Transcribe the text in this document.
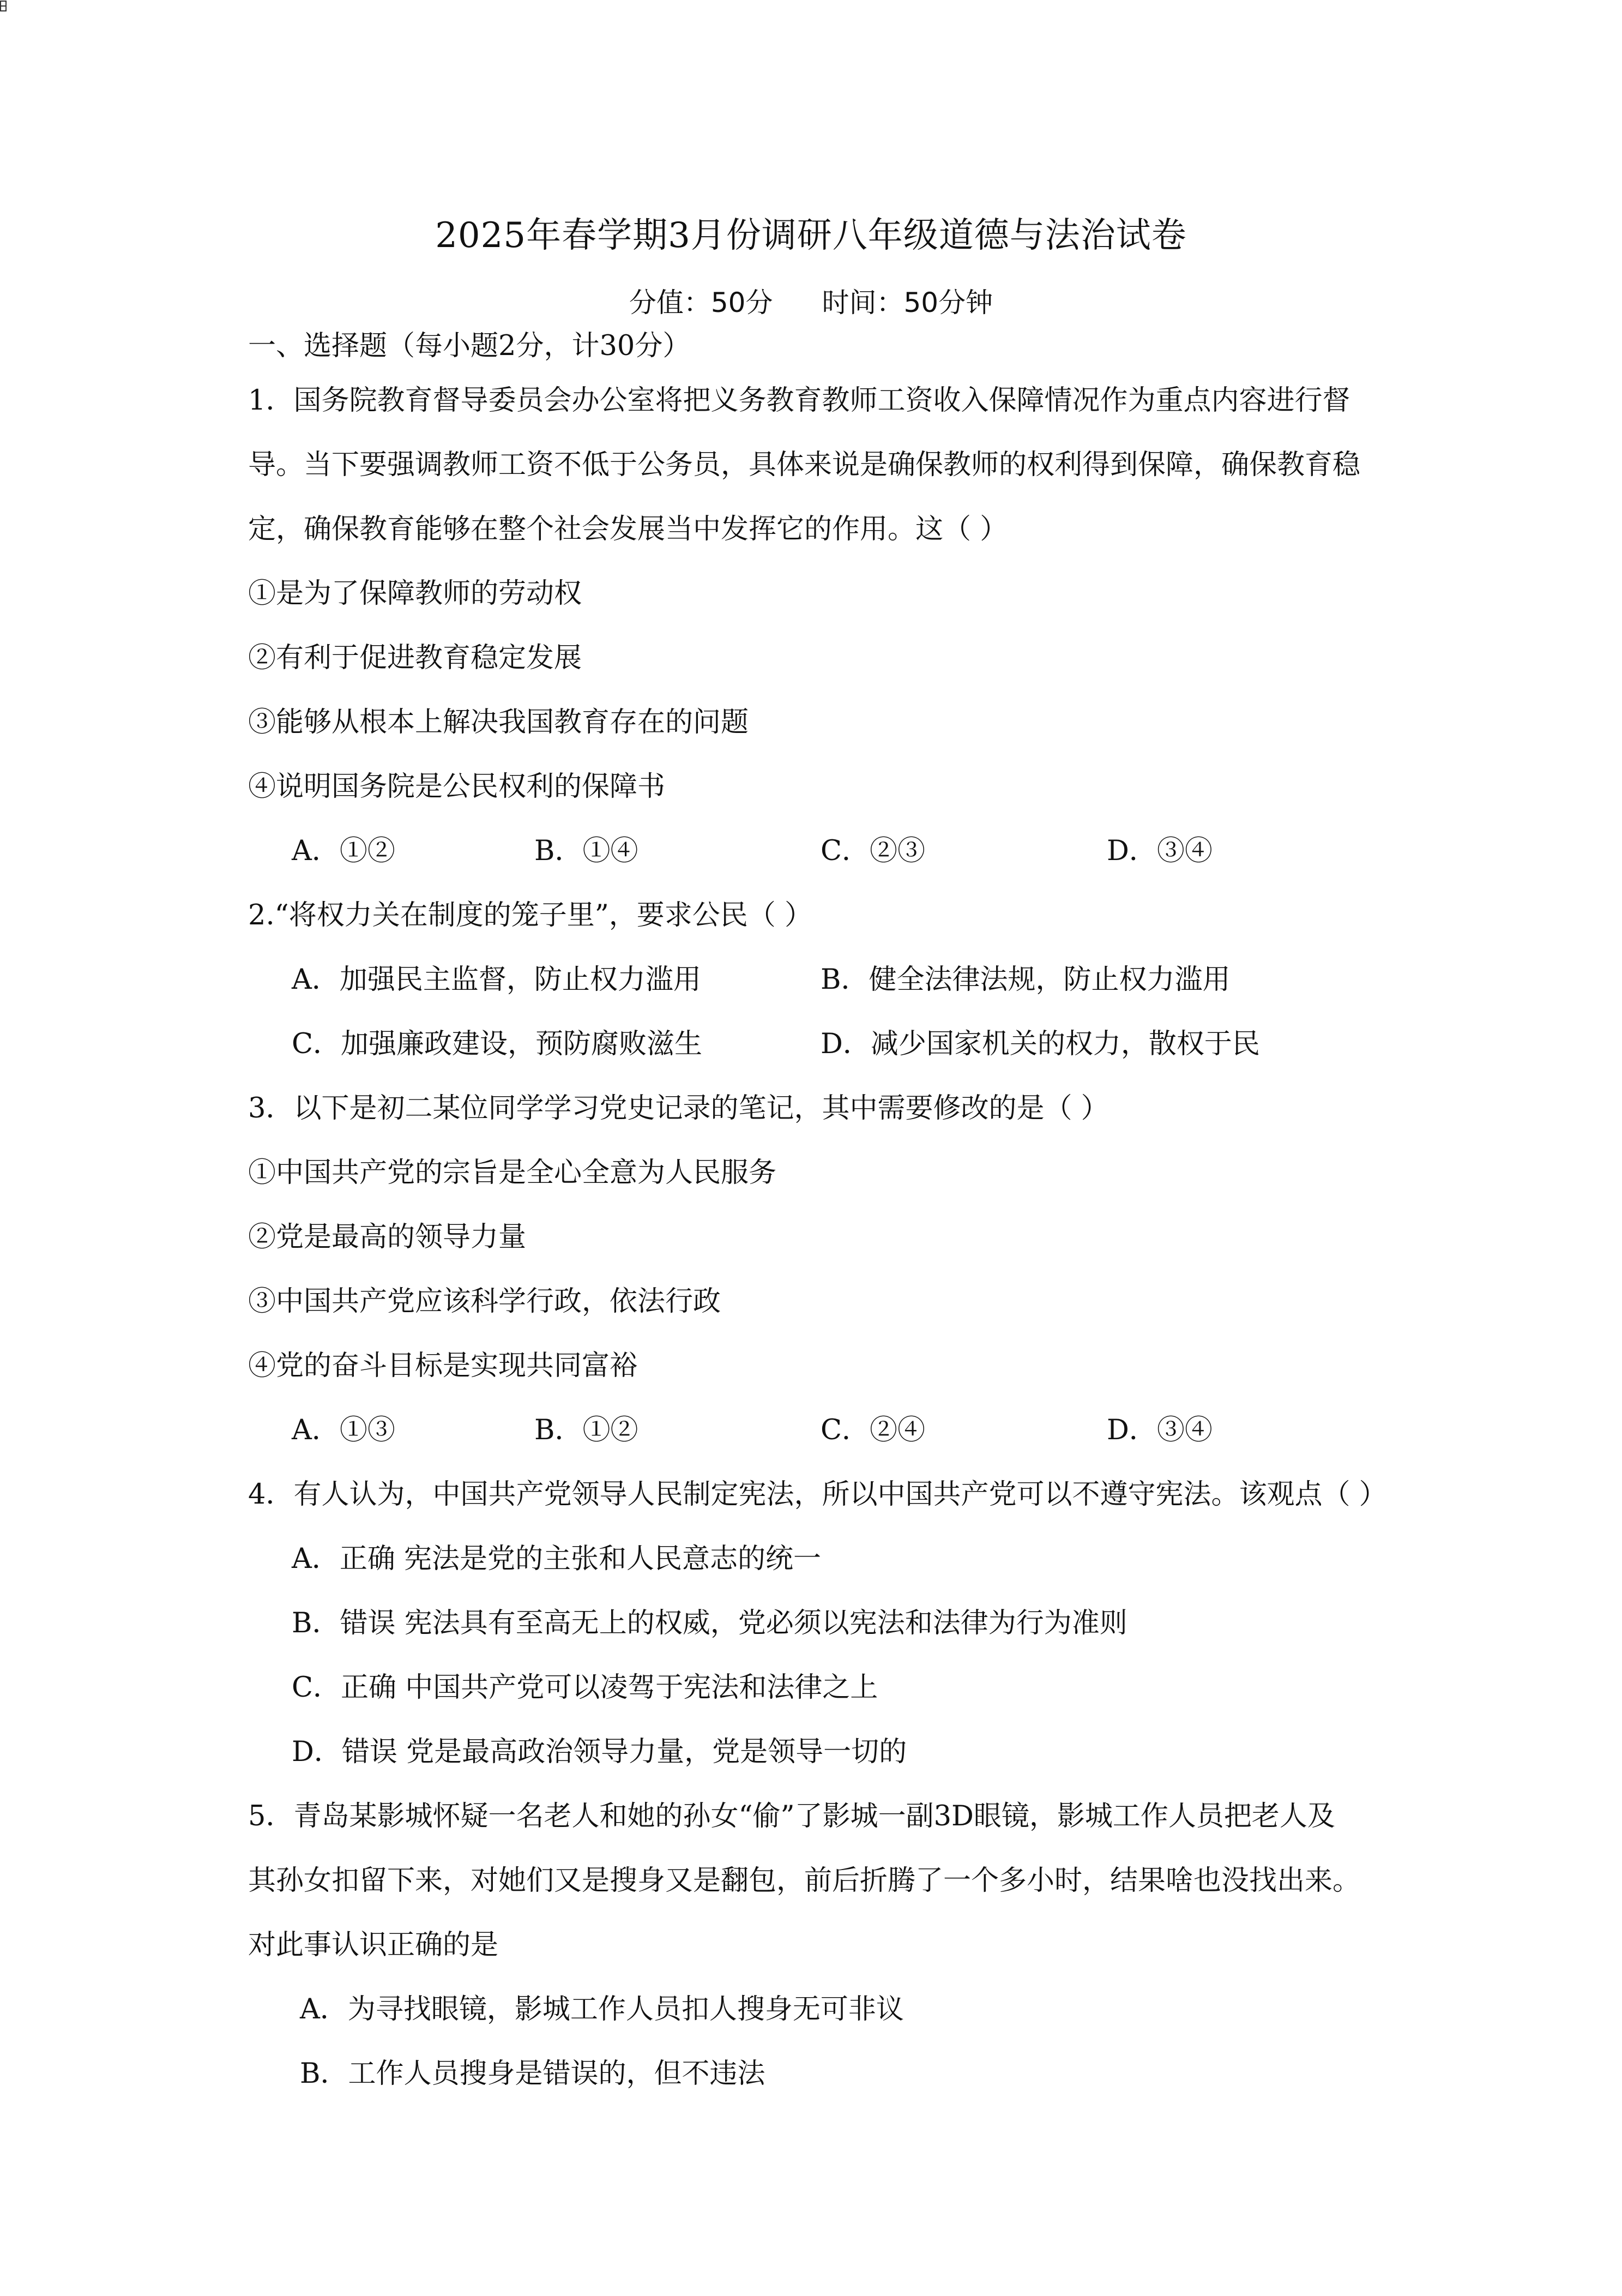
2025年春学期3月份调研八年级道德与法治试卷
分值：50分 时间：50分钟
一、选择题（每小题2分，计30分）
1．国务院教育督导委员会办公室将把义务教育教师工资收入保障情况作为重点内容进行督
导。当下要强调教师工资不低于公务员，具体来说是确保教师的权利得到保障，确保教育稳
定，确保教育能够在整个社会发展当中发挥它的作用。这（ ）
①是为了保障教师的劳动权
②有利于促进教育稳定发展
③能够从根本上解决我国教育存在的问题
④说明国务院是公民权利的保障书
A．①②	B．①④	C．②③	D．③④
2.“将权力关在制度的笼子里”，要求公民（ ）
A．加强民主监督，防止权力滥用	B．健全法律法规，防止权力滥用
C．加强廉政建设，预防腐败滋生	D．减少国家机关的权力，散权于民
3．以下是初二某位同学学习党史记录的笔记，其中需要修改的是（ ）
①中国共产党的宗旨是全心全意为人民服务
②党是最高的领导力量
③中国共产党应该科学行政，依法行政
④党的奋斗目标是实现共同富裕
A．①③	B．①②	C．②④	D．③④
4．有人认为，中国共产党领导人民制定宪法，所以中国共产党可以不遵守宪法。该观点（ ）
A．正确 宪法是党的主张和人民意志的统一
B．错误 宪法具有至高无上的权威，党必须以宪法和法律为行为准则
C．正确 中国共产党可以凌驾于宪法和法律之上
D．错误 党是最高政治领导力量，党是领导一切的
5．青岛某影城怀疑一名老人和她的孙女“偷”了影城一副3D眼镜，影城工作人员把老人及
其孙女扣留下来，对她们又是搜身又是翻包，前后折腾了一个多小时，结果啥也没找出来。
对此事认识正确的是
A．为寻找眼镜，影城工作人员扣人搜身无可非议
B．工作人员搜身是错误的，但不违法
